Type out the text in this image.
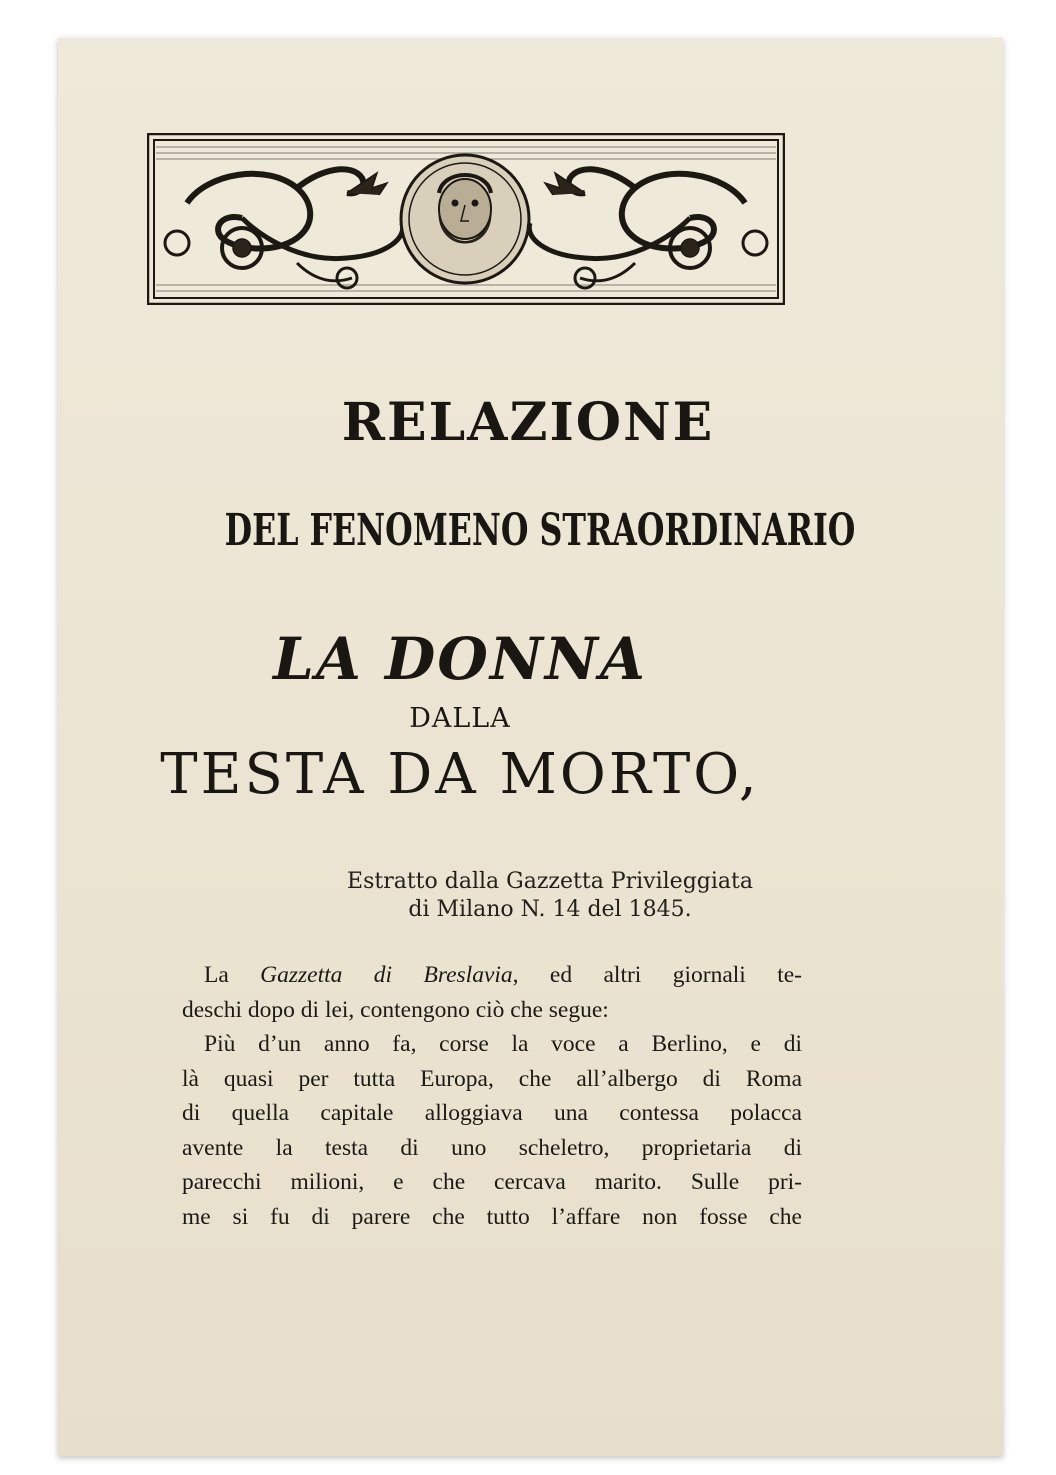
RELAZIONE
DEL FENOMENO STRAORDINARIO
LA DONNA
DALLA
TESTA DA MORTO,
Estratto dalla Gazzetta Privileggiata
di Milano N. 14 del 1845.

La Gazzetta di Breslavia, ed altri giornali te-

deschi dopo di lei, contengono ciò che segue:

Più d’un anno fa, corse la voce a Berlino, e di

là quasi per tutta Europa, che all’albergo di Roma

di quella capitale alloggiava una contessa polacca

avente la testa di uno scheletro, proprietaria di

parecchi milioni, e che cercava marito. Sulle pri-

me si fu di parere che tutto l’affare non fosse che
